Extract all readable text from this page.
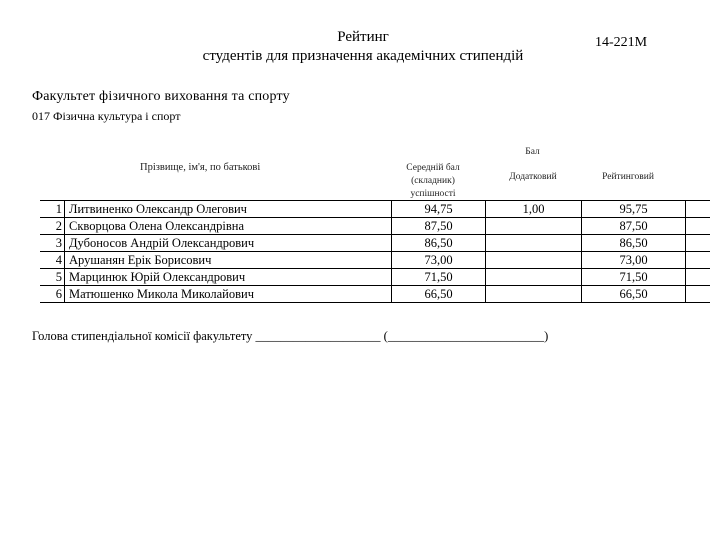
Рейтинг
студентів для призначення академічних стипендій
14-221М
Факультет фізичного виховання та спорту
017 Фізична культура і спорт
Прізвище, ім'я, по батькові
Бал
Середній бал (складник) успішності
Додатковий	Рейтинговий
1	Литвиненко Олександр Олегович	94,75	1,00	95,75	
2	Скворцова Олена Олександрівна	87,50		87,50	
3	Дубоносов Андрій Олександрович	86,50		86,50	
4	Арушанян Ерік Борисович	73,00		73,00	
5	Марцинюк Юрій Олександрович	71,50		71,50	
6	Матюшенко Микола Миколайович	66,50		66,50	
Голова стипендіальної комісії факультету ____________________ (_________________________)
